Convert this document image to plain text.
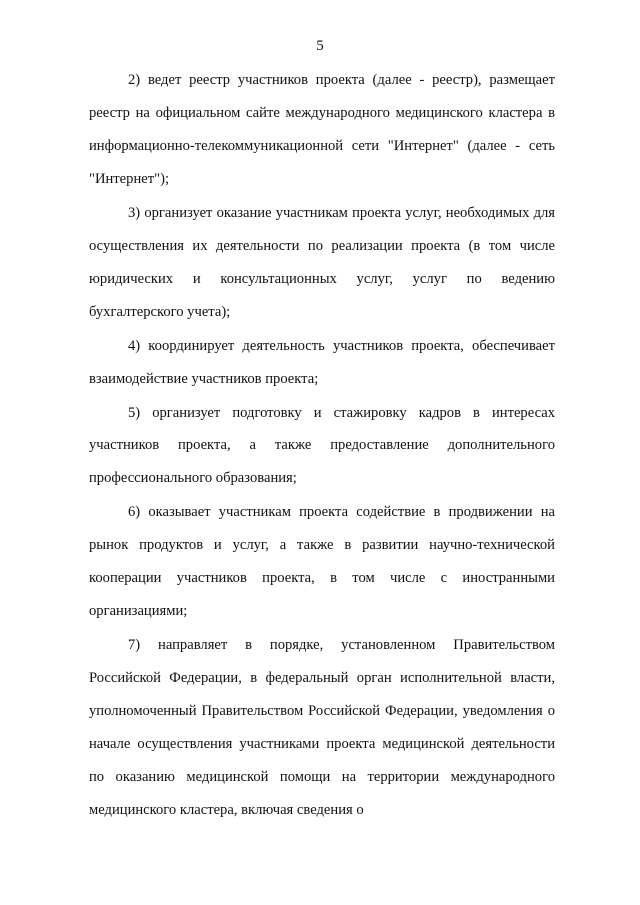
5

2) ведет реестр участников проекта (далее - реестр), размещает реестр на официальном сайте международного медицинского кластера в информационно-телекоммуникационной сети "Интернет" (далее - сеть "Интернет");

3) организует оказание участникам проекта услуг, необходимых для осуществления их деятельности по реализации проекта (в том числе юридических и консультационных услуг, услуг по ведению бухгалтерского учета);

4) координирует деятельность участников проекта, обеспечивает взаимодействие участников проекта;

5) организует подготовку и стажировку кадров в интересах участников проекта, а также предоставление дополнительного профессионального образования;

6) оказывает участникам проекта содействие в продвижении на рынок продуктов и услуг, а также в развитии научно-технической кооперации участников проекта, в том числе с иностранными организациями;

7) направляет в порядке, установленном Правительством Российской Федерации, в федеральный орган исполнительной власти, уполномоченный Правительством Российской Федерации, уведомления о начале осуществления участниками проекта медицинской деятельности по оказанию медицинской помощи на территории международного медицинского кластера, включая сведения о
